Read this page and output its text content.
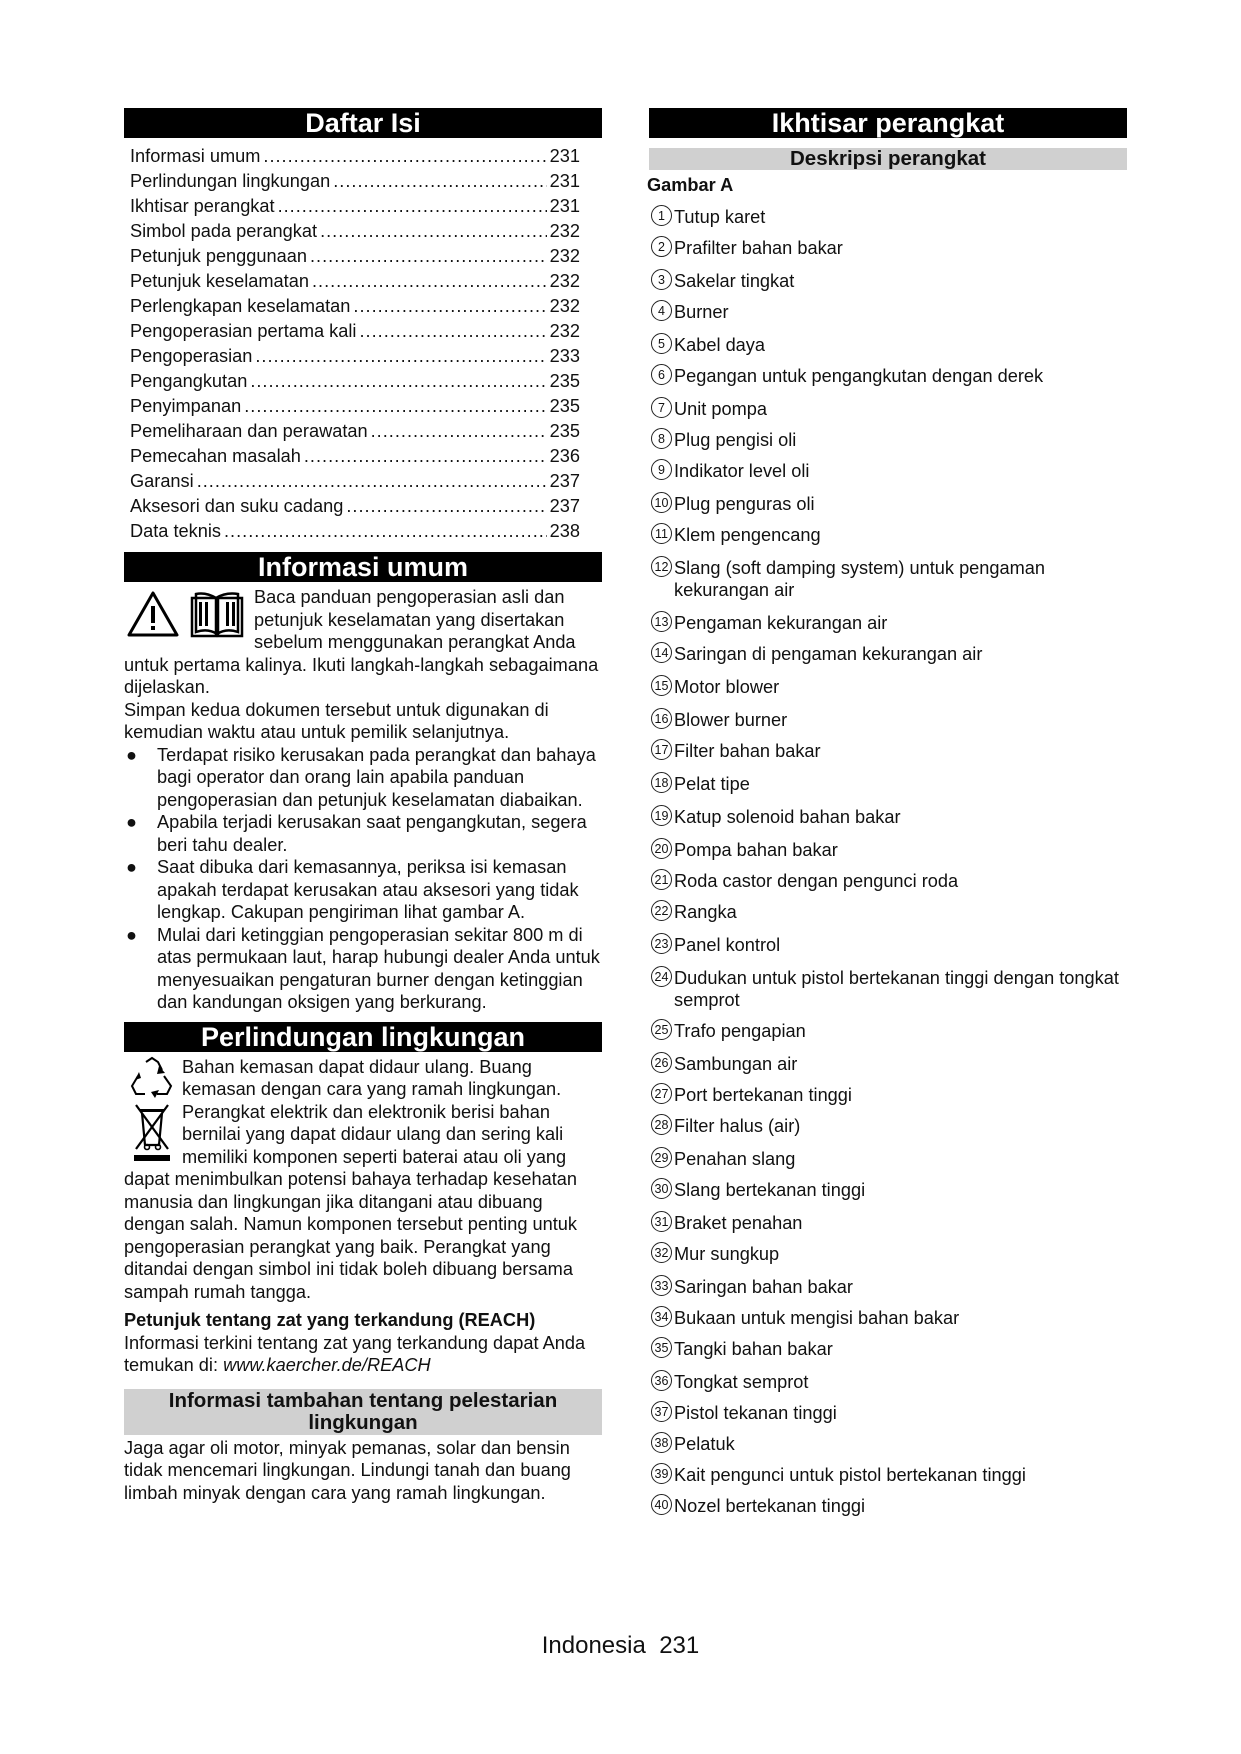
Daftar Isi
Informasi umum .....	231
Perlindungan lingkungan .....	231
Ikhtisar perangkat .....	231
Simbol pada perangkat .....	232
Petunjuk penggunaan .....	232
Petunjuk keselamatan .....	232
Perlengkapan keselamatan .....	232
Pengoperasian pertama kali .....	232
Pengoperasian .....	233
Pengangkutan .....	235
Penyimpanan .....	235
Pemeliharaan dan perawatan .....	235
Pemecahan masalah .....	236
Garansi .....	237
Aksesori dan suku cadang .....	237
Data teknis .....	238
Informasi umum

Baca panduan pengoperasian asli dan petunjuk keselamatan yang disertakan sebelum menggunakan perangkat Anda untuk pertama kalinya. Ikuti langkah-langkah sebagaimana dijelaskan.

Simpan kedua dokumen tersebut untuk digunakan di kemudian waktu atau untuk pemilik selanjutnya.

●	Terdapat risiko kerusakan pada perangkat dan bahaya bagi operator dan orang lain apabila panduan pengoperasian dan petunjuk keselamatan diabaikan.
●	Apabila terjadi kerusakan saat pengangkutan, segera beri tahu dealer.
●	Saat dibuka dari kemasannya, periksa isi kemasan apakah terdapat kerusakan atau aksesori yang tidak lengkap. Cakupan pengiriman lihat gambar A.
●	Mulai dari ketinggian pengoperasian sekitar 800 m di atas permukaan laut, harap hubungi dealer Anda untuk menyesuaikan pengaturan burner dengan ketinggian dan kandungan oksigen yang berkurang.
Perlindungan lingkungan

Bahan kemasan dapat didaur ulang. Buang kemasan dengan cara yang ramah lingkungan.

Perangkat elektrik dan elektronik berisi bahan bernilai yang dapat didaur ulang dan sering kali memiliki komponen seperti baterai atau oli yang dapat menimbulkan potensi bahaya terhadap kesehatan manusia dan lingkungan jika ditangani atau dibuang dengan salah. Namun komponen tersebut penting untuk pengoperasian perangkat yang baik. Perangkat yang ditandai dengan simbol ini tidak boleh dibuang bersama sampah rumah tangga.

Petunjuk tentang zat yang terkandung (REACH)

Informasi terkini tentang zat yang terkandung dapat Anda temukan di: www.kaercher.de/REACH

Informasi tambahan tentang pelestarian lingkungan

Jaga agar oli motor, minyak pemanas, solar dan bensin tidak mencemari lingkungan. Lindungi tanah dan buang limbah minyak dengan cara yang ramah lingkungan.

Ikhtisar perangkat
Deskripsi perangkat
Gambar A
1 Tutup karet
2 Prafilter bahan bakar
3 Sakelar tingkat
4 Burner
5 Kabel daya
6 Pegangan untuk pengangkutan dengan derek
7 Unit pompa
8 Plug pengisi oli
9 Indikator level oli
10 Plug penguras oli
11 Klem pengencang
12 Slang (soft damping system) untuk pengaman kekurangan air
13 Pengaman kekurangan air
14 Saringan di pengaman kekurangan air
15 Motor blower
16 Blower burner
17 Filter bahan bakar
18 Pelat tipe
19 Katup solenoid bahan bakar
20 Pompa bahan bakar
21 Roda castor dengan pengunci roda
22 Rangka
23 Panel kontrol
24 Dudukan untuk pistol bertekanan tinggi dengan tongkat semprot
25 Trafo pengapian
26 Sambungan air
27 Port bertekanan tinggi
28 Filter halus (air)
29 Penahan slang
30 Slang bertekanan tinggi
31 Braket penahan
32 Mur sungkup
33 Saringan bahan bakar
34 Bukaan untuk mengisi bahan bakar
35 Tangki bahan bakar
36 Tongkat semprot
37 Pistol tekanan tinggi
38 Pelatuk
39 Kait pengunci untuk pistol bertekanan tinggi
40 Nozel bertekanan tinggi
Indonesia 231
